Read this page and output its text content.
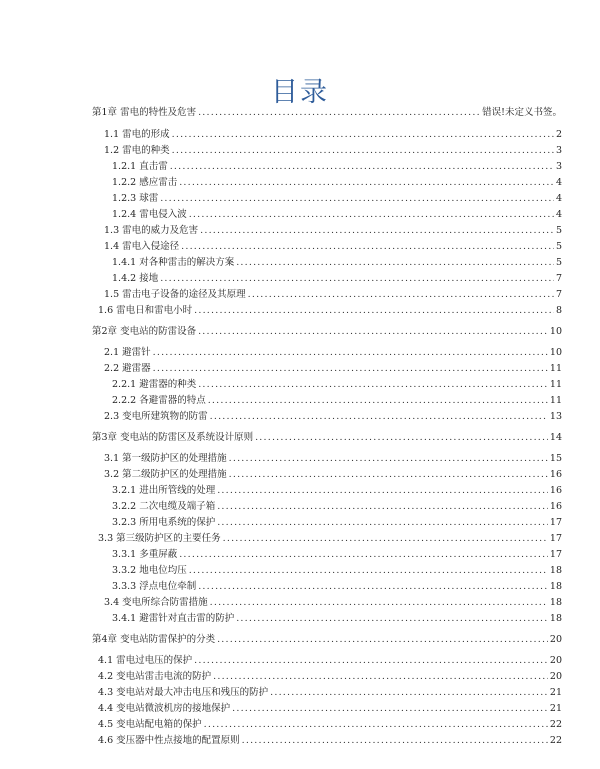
目录
第1章 雷电的特性及危害 .....	错误!未定义书签。
1.1 雷电的形成 .....	2
1.2 雷电的种类 .....	3
1.2.1 直击雷 .....	3
1.2.2 感应雷击 .....	4
1.2.3 球雷 .....	4
1.2.4 雷电侵入波 .....	4
1.3 雷电的威力及危害 .....	5
1.4 雷电入侵途径 .....	5
1.4.1 对各种雷击的解决方案 .....	5
1.4.2 接地 .....	7
1.5 雷击电子设备的途径及其原理 .....	7
1.6 雷电日和雷电小时 .....	8
第2章 变电站的防雷设备 .....	10
2.1 避雷针 .....	10
2.2 避雷器 .....	11
2.2.1 避雷器的种类 .....	11
2.2.2 各避雷器的特点 .....	11
2.3 变电所建筑物的防雷 .....	13
第3章 变电站的防雷区及系统设计原则 .....	14
3.1 第一级防护区的处理措施 .....	15
3.2 第二级防护区的处理措施 .....	16
3.2.1 进出所管线的处理 .....	16
3.2.2 二次电缆及端子箱 .....	16
3.2.3 所用电系统的保护 .....	17
3.3 第三级防护区的主要任务 .....	17
3.3.1 多重屏蔽 .....	17
3.3.2 地电位均压 .....	18
3.3.3 浮点电位牵制 .....	18
3.4 变电所综合防雷措施 .....	18
3.4.1 避雷针对直击雷的防护 .....	18
第4章 变电站防雷保护的分类 .....	20
4.1 雷电过电压的保护 .....	20
4.2 变电站雷击电流的防护 .....	20
4.3 变电站对最大冲击电压和残压的防护 .....	21
4.4 变电站微波机房的接地保护 .....	21
4.5 变电站配电箱的保护 .....	22
4.6 变压器中性点接地的配置原则 .....	22
